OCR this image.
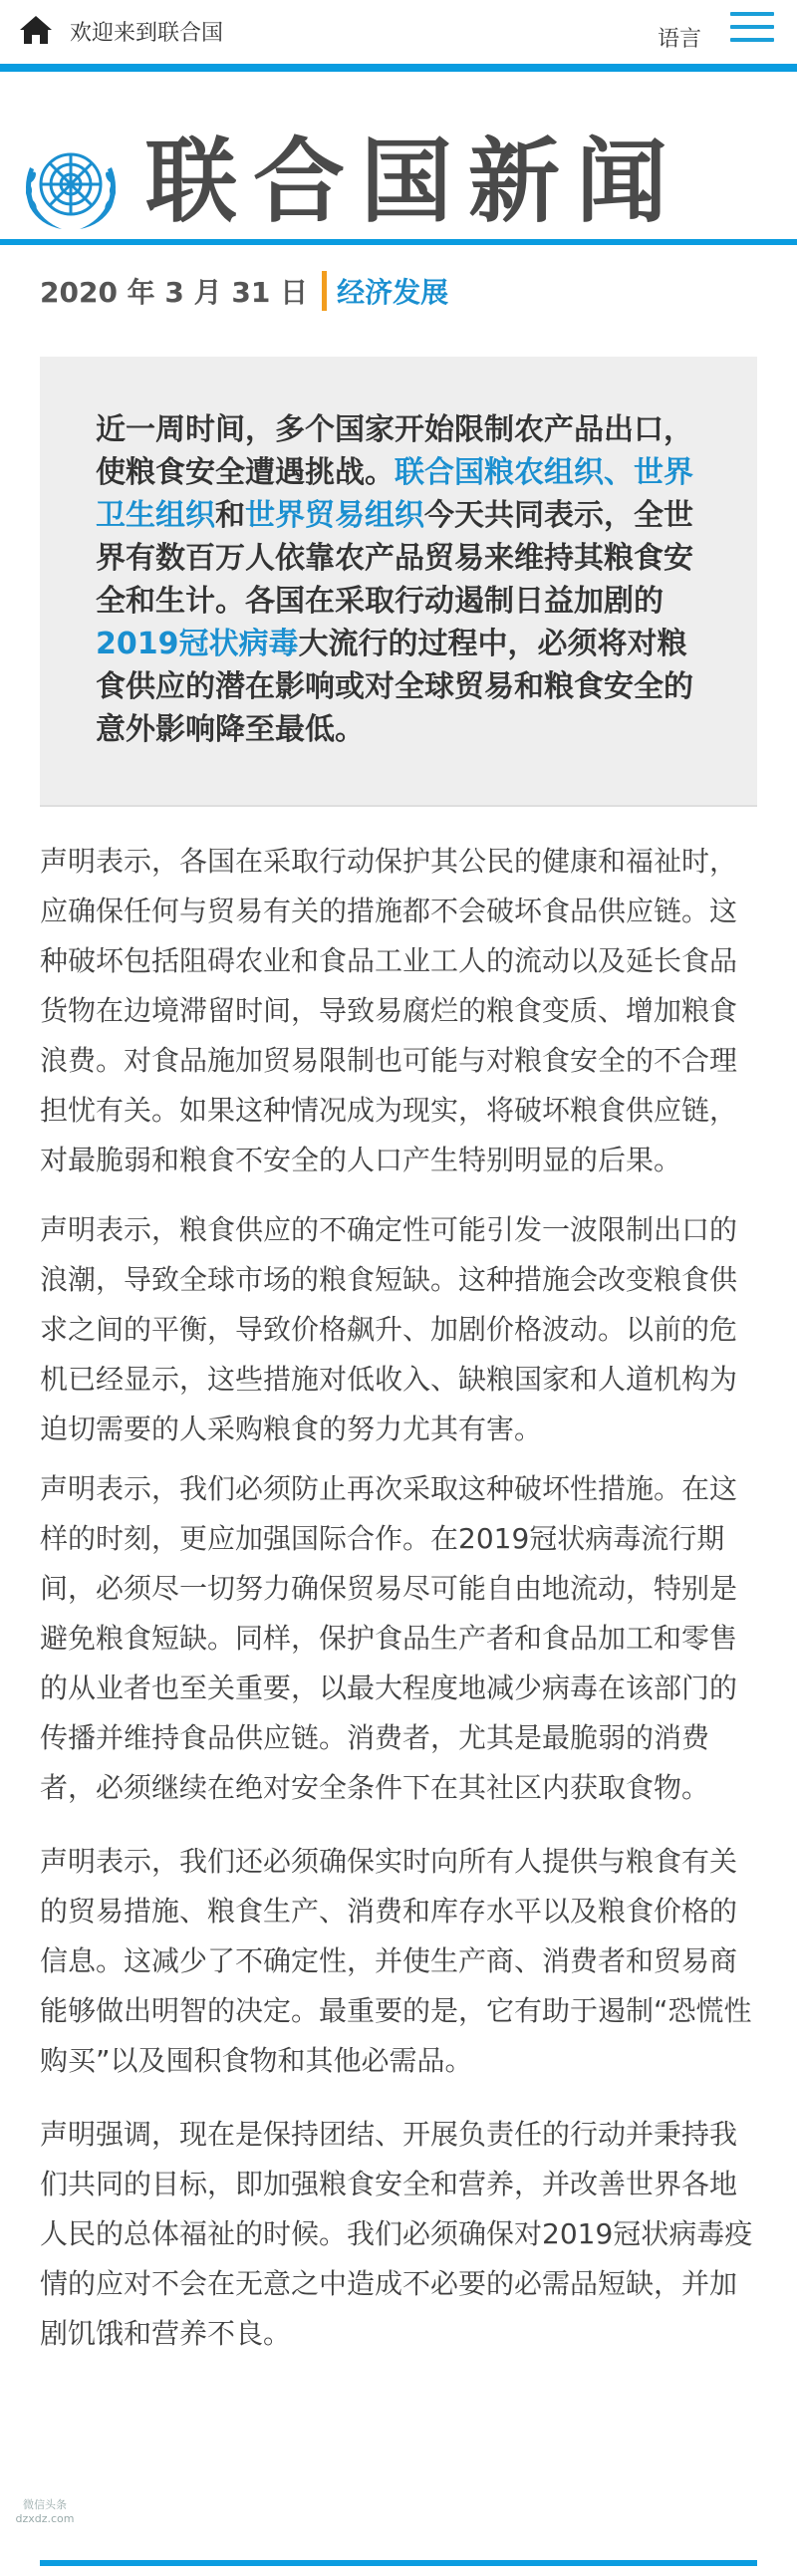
欢迎来到联合国	语言
联合国新闻
2020 年 3 月 31 日 经济发展

近一周时间，多个国家开始限制农产品出口，使粮食安全遭遇挑战。联合国粮农组织、世界卫生组织和世界贸易组织今天共同表示，全世界有数百万人依靠农产品贸易来维持其粮食安全和生计。各国在采取行动遏制日益加剧的2019冠状病毒大流行的过程中，必须将对粮食供应的潜在影响或对全球贸易和粮食安全的意外影响降至最低。

声明表示，各国在采取行动保护其公民的健康和福祉时，应确保任何与贸易有关的措施都不会破坏食品供应链。这种破坏包括阻碍农业和食品工业工人的流动以及延长食品货物在边境滞留时间，导致易腐烂的粮食变质、增加粮食浪费。对食品施加贸易限制也可能与对粮食安全的不合理担忧有关。如果这种情况成为现实，将破坏粮食供应链，对最脆弱和粮食不安全的人口产生特别明显的后果。

声明表示，粮食供应的不确定性可能引发一波限制出口的浪潮，导致全球市场的粮食短缺。这种措施会改变粮食供求之间的平衡，导致价格飙升、加剧价格波动。以前的危机已经显示，这些措施对低收入、缺粮国家和人道机构为迫切需要的人采购粮食的努力尤其有害。

声明表示，我们必须防止再次采取这种破坏性措施。在这样的时刻，更应加强国际合作。在2019冠状病毒流行期间，必须尽一切努力确保贸易尽可能自由地流动，特别是避免粮食短缺。同样，保护食品生产者和食品加工和零售的从业者也至关重要，以最大程度地减少病毒在该部门的传播并维持食品供应链。消费者，尤其是最脆弱的消费者，必须继续在绝对安全条件下在其社区内获取食物。

声明表示，我们还必须确保实时向所有人提供与粮食有关的贸易措施、粮食生产、消费和库存水平以及粮食价格的信息。这减少了不确定性，并使生产商、消费者和贸易商能够做出明智的决定。最重要的是，它有助于遏制“恐慌性购买”以及囤积食物和其他必需品。

声明强调，现在是保持团结、开展负责任的行动并秉持我们共同的目标，即加强粮食安全和营养，并改善世界各地人民的总体福祉的时候。我们必须确保对2019冠状病毒疫情的应对不会在无意之中造成不必要的必需品短缺，并加剧饥饿和营养不良。

微信头条
dzxdz.com
